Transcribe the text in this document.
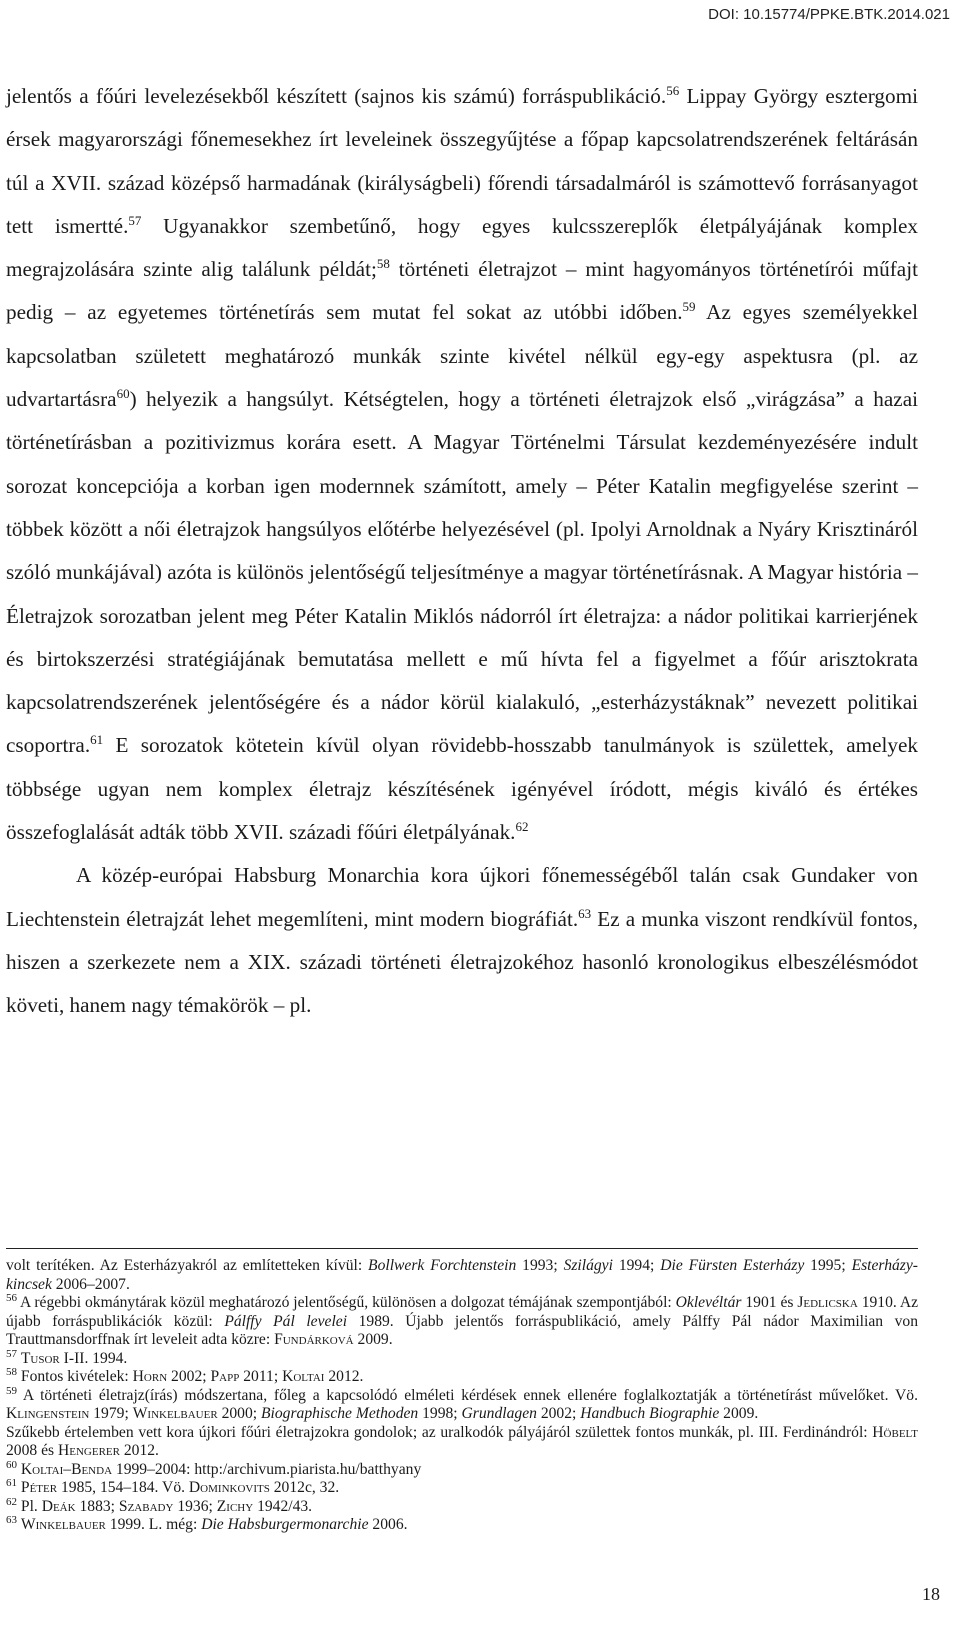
DOI: 10.15774/PPKE.BTK.2014.021

jelentős a főúri levelezésekből készített (sajnos kis számú) forráspublikáció.$^{56}$ Lippay György esztergomi érsek magyarországi főnemesekhez írt leveleinek összegyűjtése a főpap kapcsolatrendszerének feltárásán túl a XVII. század középső harmadának (királyságbeli) főrendi társadalmáról is számottevő forrásanyagot tett ismertté.$^{57}$ Ugyanakkor szembetűnő, hogy egyes kulcsszereplők életpályájának komplex megrajzolására szinte alig találunk példát;$^{58}$ történeti életrajzot – mint hagyományos történetírói műfajt pedig – az egyetemes történetírás sem mutat fel sokat az utóbbi időben.$^{59}$ Az egyes személyekkel kapcsolatban született meghatározó munkák szinte kivétel nélkül egy-egy aspektusra (pl. az udvartartásra$^{60}$) helyezik a hangsúlyt. Kétségtelen, hogy a történeti életrajzok első „virágzása” a hazai történetírásban a pozitivizmus korára esett. A Magyar Történelmi Társulat kezdeményezésére indult sorozat koncepciója a korban igen modernnek számított, amely – Péter Katalin megfigyelése szerint – többek között a női életrajzok hangsúlyos előtérbe helyezésével (pl. Ipolyi Arnoldnak a Nyáry Krisztináról szóló munkájával) azóta is különös jelentőségű teljesítménye a magyar történetírásnak. A Magyar história – Életrajzok sorozatban jelent meg Péter Katalin Miklós nádorról írt életrajza: a nádor politikai karrierjének és birtokszerzési stratégiájának bemutatása mellett e mű hívta fel a figyelmet a főúr arisztokrata kapcsolatrendszerének jelentőségére és a nádor körül kialakuló, „esterházystáknak” nevezett politikai csoportra.$^{61}$ E sorozatok kötetein kívül olyan rövidebb-hosszabb tanulmányok is születtek, amelyek többsége ugyan nem komplex életrajz készítésének igényével íródott, mégis kiváló és értékes összefoglalását adták több XVII. századi főúri életpályának.$^{62}$

A közép-európai Habsburg Monarchia kora újkori főnemességéből talán csak Gundaker von Liechtenstein életrajzát lehet megemlíteni, mint modern biográfiát.$^{63}$ Ez a munka viszont rendkívül fontos, hiszen a szerkezete nem a XIX. századi történeti életrajzokéhoz hasonló kronologikus elbeszélésmódot követi, hanem nagy témakörök – pl.

volt terítéken. Az Esterházyakról az említetteken kívül: Bollwerk Forchtenstein 1993; Szilágyi 1994; Die Fürsten Esterházy 1995; Esterházy-kincsek 2006–2007.

$^{56}$ A régebbi okmánytárak közül meghatározó jelentőségű, különösen a dolgozat témájának szempontjából: Oklevéltár 1901 és Jedlicska 1910. Az újabb forráspublikációk közül: Pálffy Pál levelei 1989. Újabb jelentős forráspublikáció, amely Pálffy Pál nádor Maximilian von Trauttmansdorffnak írt leveleit adta közre: Fundárková 2009.

$^{57}$ Tusor I-II. 1994.

$^{58}$ Fontos kivételek: Horn 2002; Papp 2011; Koltai 2012.

$^{59}$ A történeti életrajz(írás) módszertana, főleg a kapcsolódó elméleti kérdések ennek ellenére foglalkoztatják a történetírást művelőket. Vö. Klingenstein 1979; Winkelbauer 2000; Biographische Methoden 1998; Grundlagen 2002; Handbuch Biographie 2009.

Szűkebb értelemben vett kora újkori főúri életrajzokra gondolok; az uralkodók pályájáról születtek fontos munkák, pl. III. Ferdinándról: Höbelt 2008 és Hengerer 2012.

$^{60}$ Koltai–Benda 1999–2004: http:/archivum.piarista.hu/batthyany

$^{61}$ Péter 1985, 154–184. Vö. Dominkovits 2012c, 32.

$^{62}$ Pl. Deák 1883; Szabady 1936; Zichy 1942/43.

$^{63}$ Winkelbauer 1999. L. még: Die Habsburgermonarchie 2006.

18
